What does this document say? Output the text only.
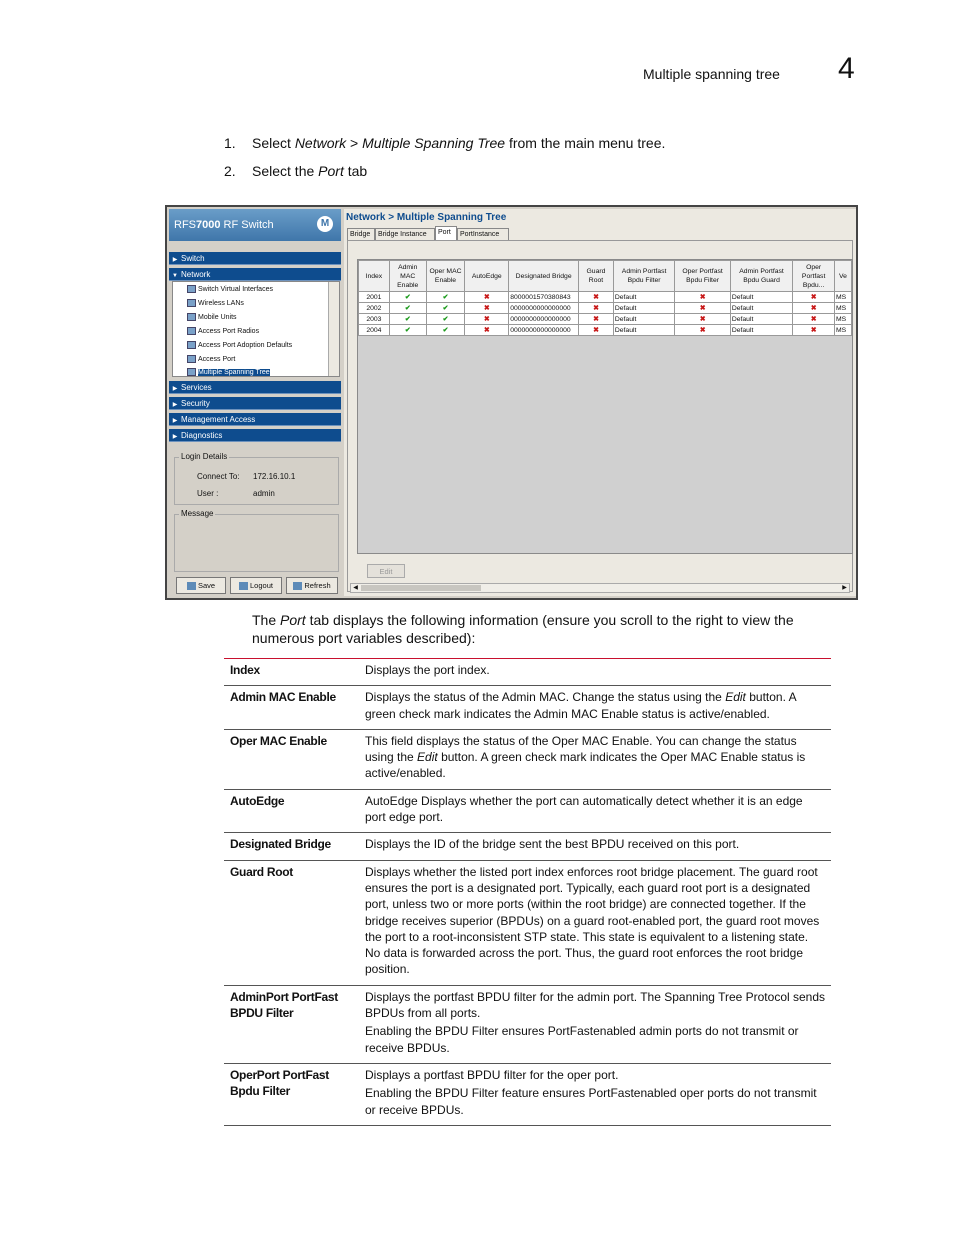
Multiple spanning tree 4
1. Select Network > Multiple Spanning Tree from the main menu tree.
2. Select the Port tab
RFS7000 RF Switch	M
▶ Switch
▼ Network
Switch Virtual Interfaces
Wireless LANs
Mobile Units
Access Port Radios
Access Port Adoption Defaults
Access Port
Multiple Spanning Tree
▶ Services
▶ Security
▶ Management Access
▶ Diagnostics
Login Details
Connect To: 172.16.10.1
User :	admin
Message
Save	Logout	Refresh
Network > Multiple Spanning Tree
Bridge	Bridge Instance	Port	PortInstance
Index	Admin MAC Enable	Oper MAC Enable	AutoEdge	Designated Bridge	Guard Root	Admin Portfast Bpdu Filter	Oper Portfast Bpdu Filter	Admin Portfast Bpdu Guard	Oper Portfast Bpdu...	Ve
2001	✔	✔	✖	8000001570380843	✖	Default	✖	Default	✖	MS
2002	✔	✔	✖	0000000000000000	✖	Default	✖	Default	✖	MS
2003	✔	✔	✖	0000000000000000	✖	Default	✖	Default	✖	MS
2004	✔	✔	✖	0000000000000000	✖	Default	✖	Default	✖	MS
Edit
◀	▶
The Port tab displays the following information (ensure you scroll to the right to view the numerous port variables described):
Index	Displays the port index.

Admin MAC Enable	Displays the status of the Admin MAC. Change the status using the Edit button. A green check mark indicates the Admin MAC Enable status is active/enabled.

Oper MAC Enable	This field displays the status of the Oper MAC Enable. You can change the status using the Edit button. A green check mark indicates the Oper MAC Enable status is active/enabled.

AutoEdge	AutoEdge Displays whether the port can automatically detect whether it is an edge port edge port.

Designated Bridge	Displays the ID of the bridge sent the best BPDU received on this port.

Guard Root	Displays whether the listed port index enforces root bridge placement. The guard root ensures the port is a designated port. Typically, each guard root port is a designated port, unless two or more ports (within the root bridge) are connected together. If the bridge receives superior (BPDUs) on a guard root-enabled port, the guard root moves the port to a root-inconsistent STP state. This state is equivalent to a listening state. No data is forwarded across the port. Thus, the guard root enforces the root bridge position.

AdminPort PortFast BPDU Filter	Displays the portfast BPDU filter for the admin port. The Spanning Tree Protocol sends BPDUs from all ports.

Enabling the BPDU Filter ensures PortFastenabled admin ports do not transmit or receive BPDUs.

OperPort PortFast Bpdu Filter	Displays a portfast BPDU filter for the oper port.

Enabling the BPDU Filter feature ensures PortFastenabled oper ports do not transmit or receive BPDUs.
